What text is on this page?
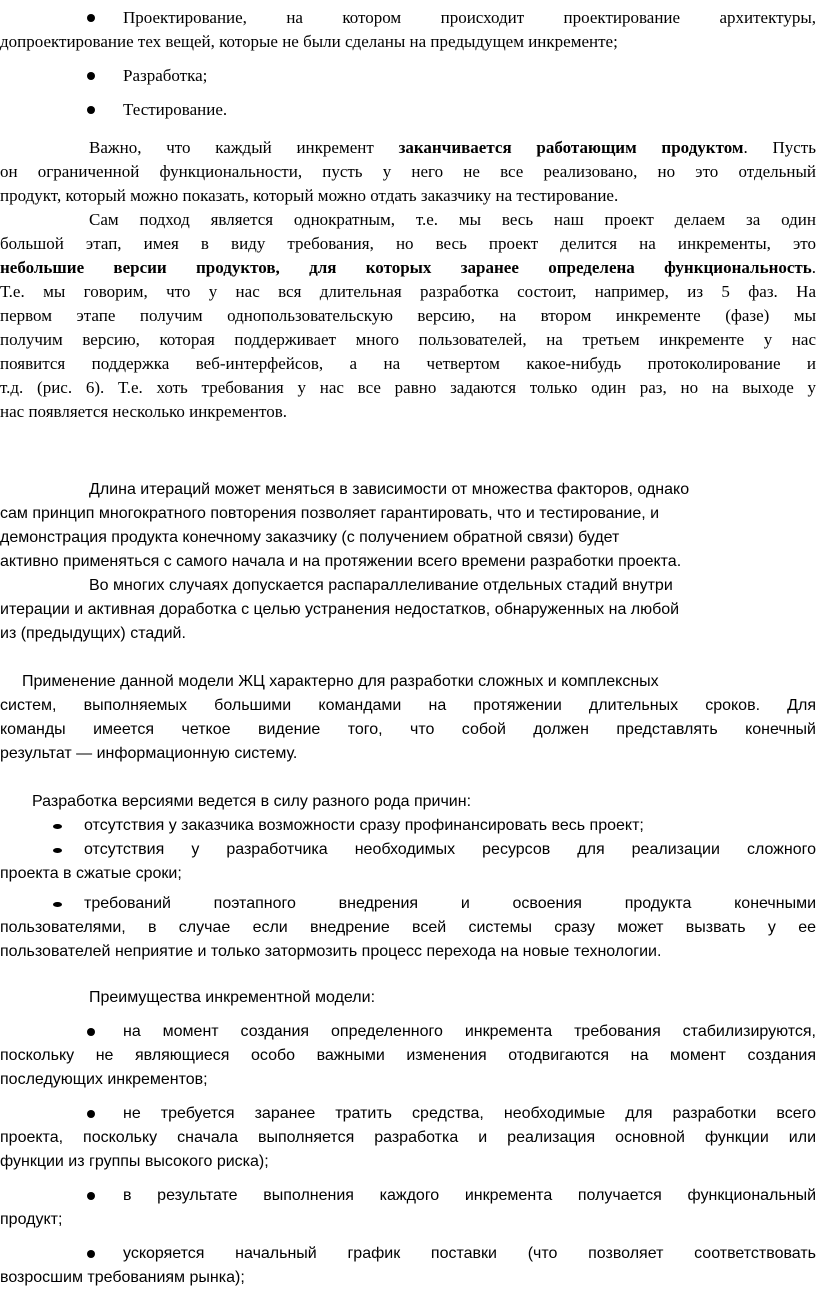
Проектирование, на котором происходит проектирование архитектуры,
допроектирование тех вещей, которые не были сделаны на предыдущем инкременте;
Разработка;
Тестирование.
Важно, что каждый инкремент заканчивается работающим продуктом. Пусть
он ограниченной функциональности, пусть у него не все реализовано, но это отдельный
продукт, который можно показать, который можно отдать заказчику на тестирование.
Сам подход является однократным, т.е. мы весь наш проект делаем за один
большой этап, имея в виду требования, но весь проект делится на инкременты, это
небольшие версии продуктов, для которых заранее определена функциональность.
Т.е. мы говорим, что у нас вся длительная разработка состоит, например, из 5 фаз. На
первом этапе получим однопользовательскую версию, на втором инкременте (фазе) мы
получим версию, которая поддерживает много пользователей, на третьем инкременте у нас
появится поддержка веб-интерфейсов, а на четвертом какое-нибудь протоколирование и
т.д. (рис. 6). Т.е. хоть требования у нас все равно задаются только один раз, но на выходе у
нас появляется несколько инкрементов.
Длина итераций может меняться в зависимости от множества факторов, однако
сам принцип многократного повторения позволяет гарантировать, что и тестирование, и
демонстрация продукта конечному заказчику (с получением обратной связи) будет
активно применяться с самого начала и на протяжении всего времени разработки проекта.
Во многих случаях допускается распараллеливание отдельных стадий внутри
итерации и активная доработка с целью устранения недостатков, обнаруженных на любой
из (предыдущих) стадий.
Применение данной модели ЖЦ характерно для разработки сложных и комплексных
систем, выполняемых большими командами на протяжении длительных сроков. Для
команды имеется четкое видение того, что собой должен представлять конечный
результат — информационную систему.
Разработка версиями ведется в силу разного рода причин:
отсутствия у заказчика возможности сразу профинансировать весь проект;
отсутствия у разработчика необходимых ресурсов для реализации сложного
проекта в сжатые сроки;
требований поэтапного внедрения и освоения продукта конечными
пользователями, в случае если внедрение всей системы сразу может вызвать у ее
пользователей неприятие и только затормозить процесс перехода на новые технологии.
Преимущества инкрементной модели:
на момент создания определенного инкремента требования стабилизируются,
поскольку не являющиеся особо важными изменения отодвигаются на момент создания
последующих инкрементов;
не требуется заранее тратить средства, необходимые для разработки всего
проекта, поскольку сначала выполняется разработка и реализация основной функции или
функции из группы высокого риска);
в результате выполнения каждого инкремента получается функциональный
продукт;
ускоряется начальный график поставки (что позволяет соответствовать
возросшим требованиям рынка);
